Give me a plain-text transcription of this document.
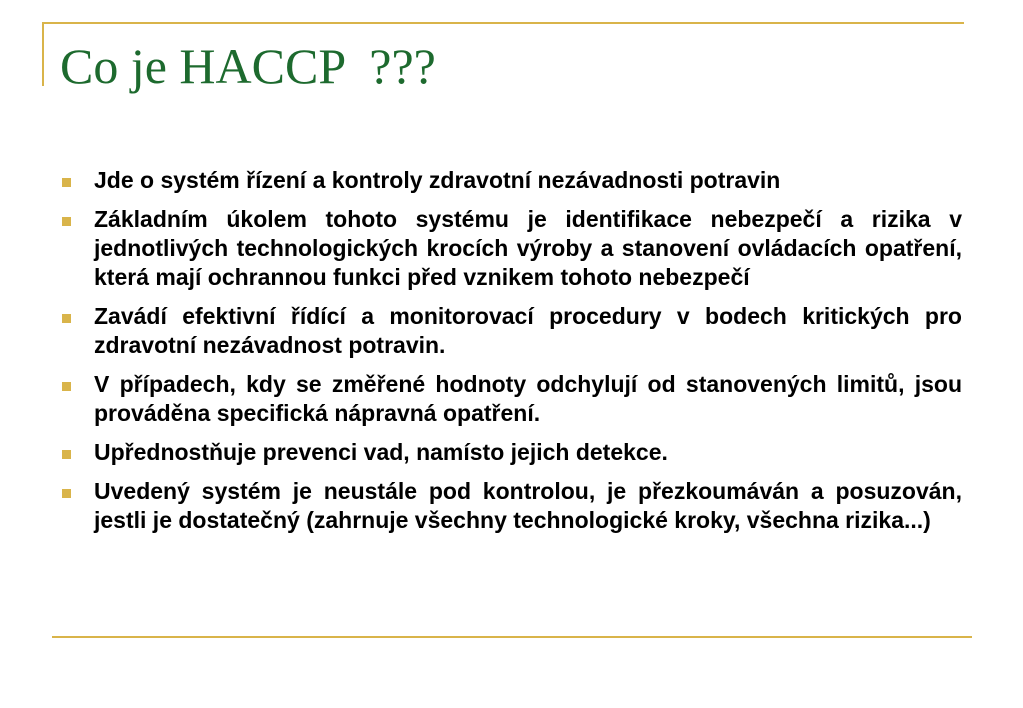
Co je HACCP  ???
Jde o systém řízení a kontroly zdravotní nezávadnosti potravin
Základním úkolem tohoto systému je identifikace nebezpečí a rizika v jednotlivých technologických krocích výroby a stanovení ovládacích opatření, která mají ochrannou funkci před vznikem tohoto nebezpečí
Zavádí efektivní řídící a monitorovací procedury v bodech kritických pro zdravotní nezávadnost potravin.
V případech, kdy se změřené hodnoty odchylují od stanovených limitů, jsou prováděna specifická nápravná opatření.
Upřednostňuje prevenci vad, namísto jejich detekce.
Uvedený systém je neustále pod kontrolou, je přezkoumáván a posuzován, jestli je dostatečný (zahrnuje všechny technologické kroky, všechna rizika...)
